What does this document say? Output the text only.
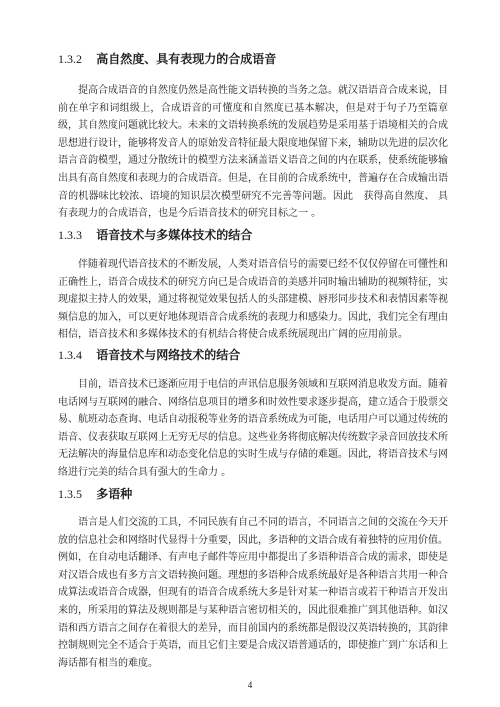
1.3.2 高自然度、具有表现力的合成语音

提高合成语音的自然度仍然是高性能文语转换的当务之急。就汉语语音合成来说，目前在单字和词组级上，合成语音的可懂度和自然度已基本解决，但是对于句子乃至篇章级，其自然度问题就比较大。未来的文语转换系统的发展趋势是采用基于语境相关的合成思想进行设计，能够将发音人的原始发音特征最大限度地保留下来，辅助以先进的层次化语言音韵模型，通过分散统计的模型方法来涵盖语义语音之间的内在联系，使系统能够输出具有高自然度和表现力的合成语音。但是，在目前的合成系统中，普遍存在合成输出语音的机器味比较浓、语境的知识层次模型研究不完善等问题。因此　获得高自然度、 具有表现力的合成语音，也是今后语音技术的研究目标之一 。

1.3.3 语音技术与多媒体技术的结合

伴随着现代语音技术的不断发展，人类对语音信号的需要已经不仅仅停留在可懂性和正确性上，语音合成技术的研究方向已是合成语音的美感并同时输出辅助的视频特征，实现虚拟主持人的效果，通过将视觉效果包括人的头部建模、唇形同步技术和表情因素等视频信息的加入，可以更好地体现语音合成系统的表现力和感染力。因此，我们完全有理由相信，语音技术和多媒体技术的有机结合将使合成系统展现出广阔的应用前景。

1.3.4 语音技术与网络技术的结合

目前，语音技术已逐渐应用于电信的声讯信息服务领域和互联网消息收发方面。随着电话网与互联网的融合、网络信息项目的增多和时效性要求逐步提高，建立适合于股票交易、航班动态查询、电话自动报税等业务的语音系统成为可能，电话用户可以通过传统的语音、仪表获取互联网上无穷无尽的信息。这些业务将彻底解决传统数字录音回放技术所无法解决的海量信息库和动态变化信息的实时生成与存储的难题。因此，将语音技术与网络进行完美的结合具有强大的生命力 。

1.3.5 多语种

语言是人们交流的工具，不同民族有自己不同的语言，不同语言之间的交流在今天开放的信息社会和网络时代显得十分重要，因此，多语种的文语合成有着独特的应用价值。例如，在自动电话翻译、有声电子邮件等应用中都提出了多语种语音合成的需求，即使是对汉语合成也有多方言文语转换问题。理想的多语种合成系统最好是各种语言共用一种合成算法或语音合成器，但现有的语音合成系统大多是针对某一种语言或若干种语言开发出来的，所采用的算法及规则都是与某种语言密切相关的，因此很难推广到其他语种。如汉语和西方语言之间存在着很大的差异，而目前国内的系统都是假设汉英语转换的，其韵律控制规则完全不适合于英语，而且它们主要是合成汉语普通话的，即使推广到广东话和上海话都有相当的难度。

4
